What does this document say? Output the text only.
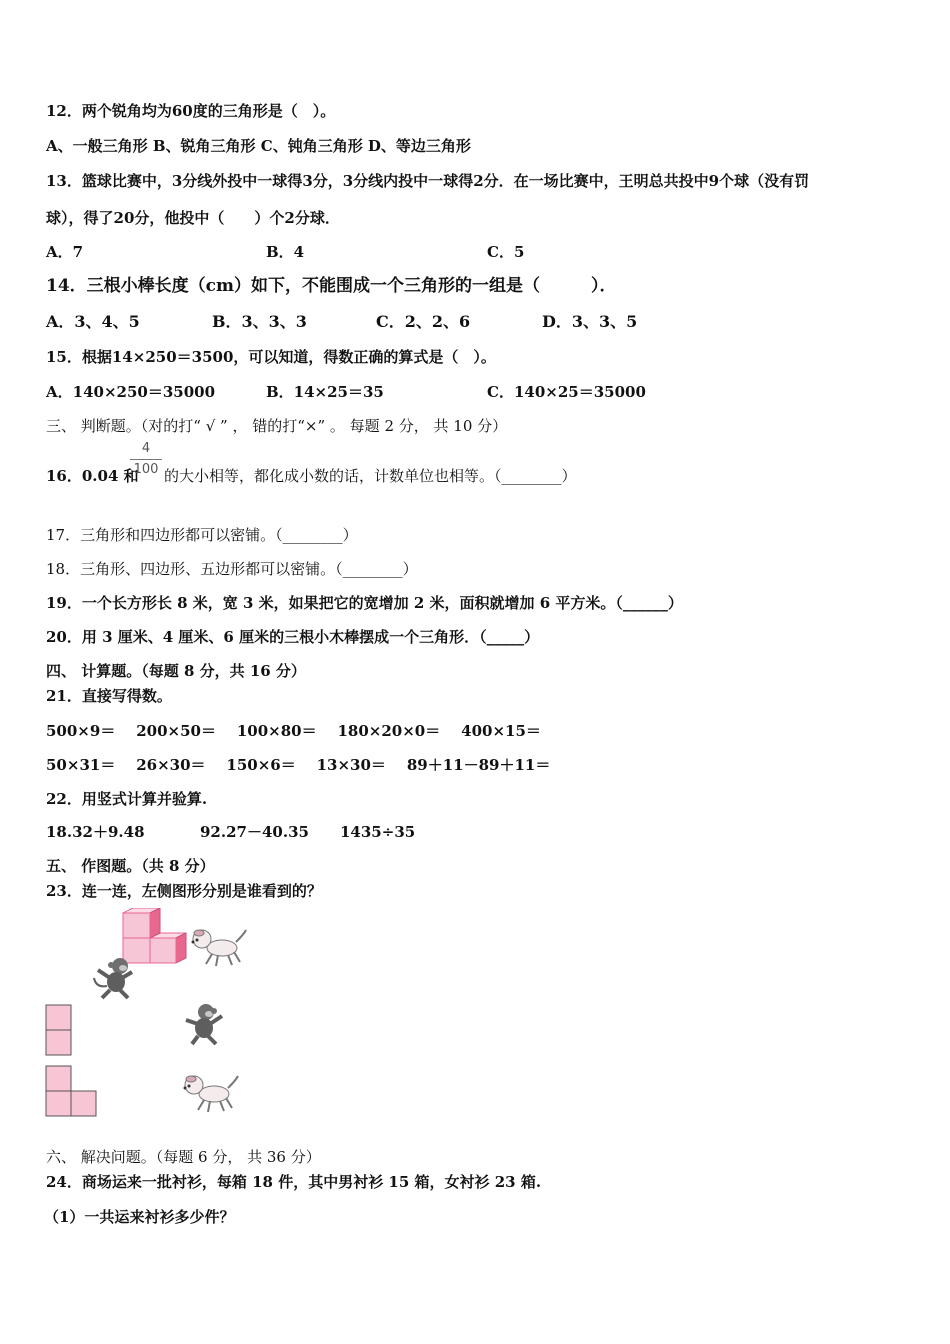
12．两个锐角均为60度的三角形是（　）。
A、一般三角形 B、锐角三角形 C、钝角三角形 D、等边三角形
13．篮球比赛中，3分线外投中一球得3分，3分线内投中一球得2分．在一场比赛中，王明总共投中9个球（没有罚
球），得了20分，他投中（　　）个2分球．
A．7	B．4	C．5
14．三根小棒长度（cm）如下，不能围成一个三角形的一组是（　　　）．
A．3、4、5	B．3、3、3	C．2、2、6	D．3、3、5
15．根据14×250＝3500，可以知道，得数正确的算式是（　）。
A．140×250＝35000	B．14×25＝35	C．140×25＝35000
三、 判断题。（对的打“ √ ” ， 错的打“×” 。 每题 2 分， 共 10 分）
16．0.04 和
4
100 的大小相等，都化成小数的话，计数单位也相等。（________）
17．三角形和四边形都可以密铺。（________）
18．三角形、四边形、五边形都可以密铺。（________）
19．一个长方形长 8 米，宽 3 米，如果把它的宽增加 2 米，面积就增加 6 平方米。（______）
20．用 3 厘米、4 厘米、6 厘米的三根小木棒摆成一个三角形．（_____）
四、 计算题。（每题 8 分，共 16 分）
21．直接写得数。
500×9＝    200×50＝    100×80＝    180×20×0＝    400×15＝
50×31＝    26×30＝    150×6＝    13×30＝    89＋11－89＋11＝
22．用竖式计算并验算.
18.32＋9.48	92.27－40.35 1435÷35
五、 作图题。（共 8 分）
23．连一连，左侧图形分别是谁看到的？
六、 解决问题。（每题 6 分， 共 36 分）
24．商场运来一批衬衫，每箱 18 件，其中男衬衫 15 箱，女衬衫 23 箱.
（1）一共运来衬衫多少件？
